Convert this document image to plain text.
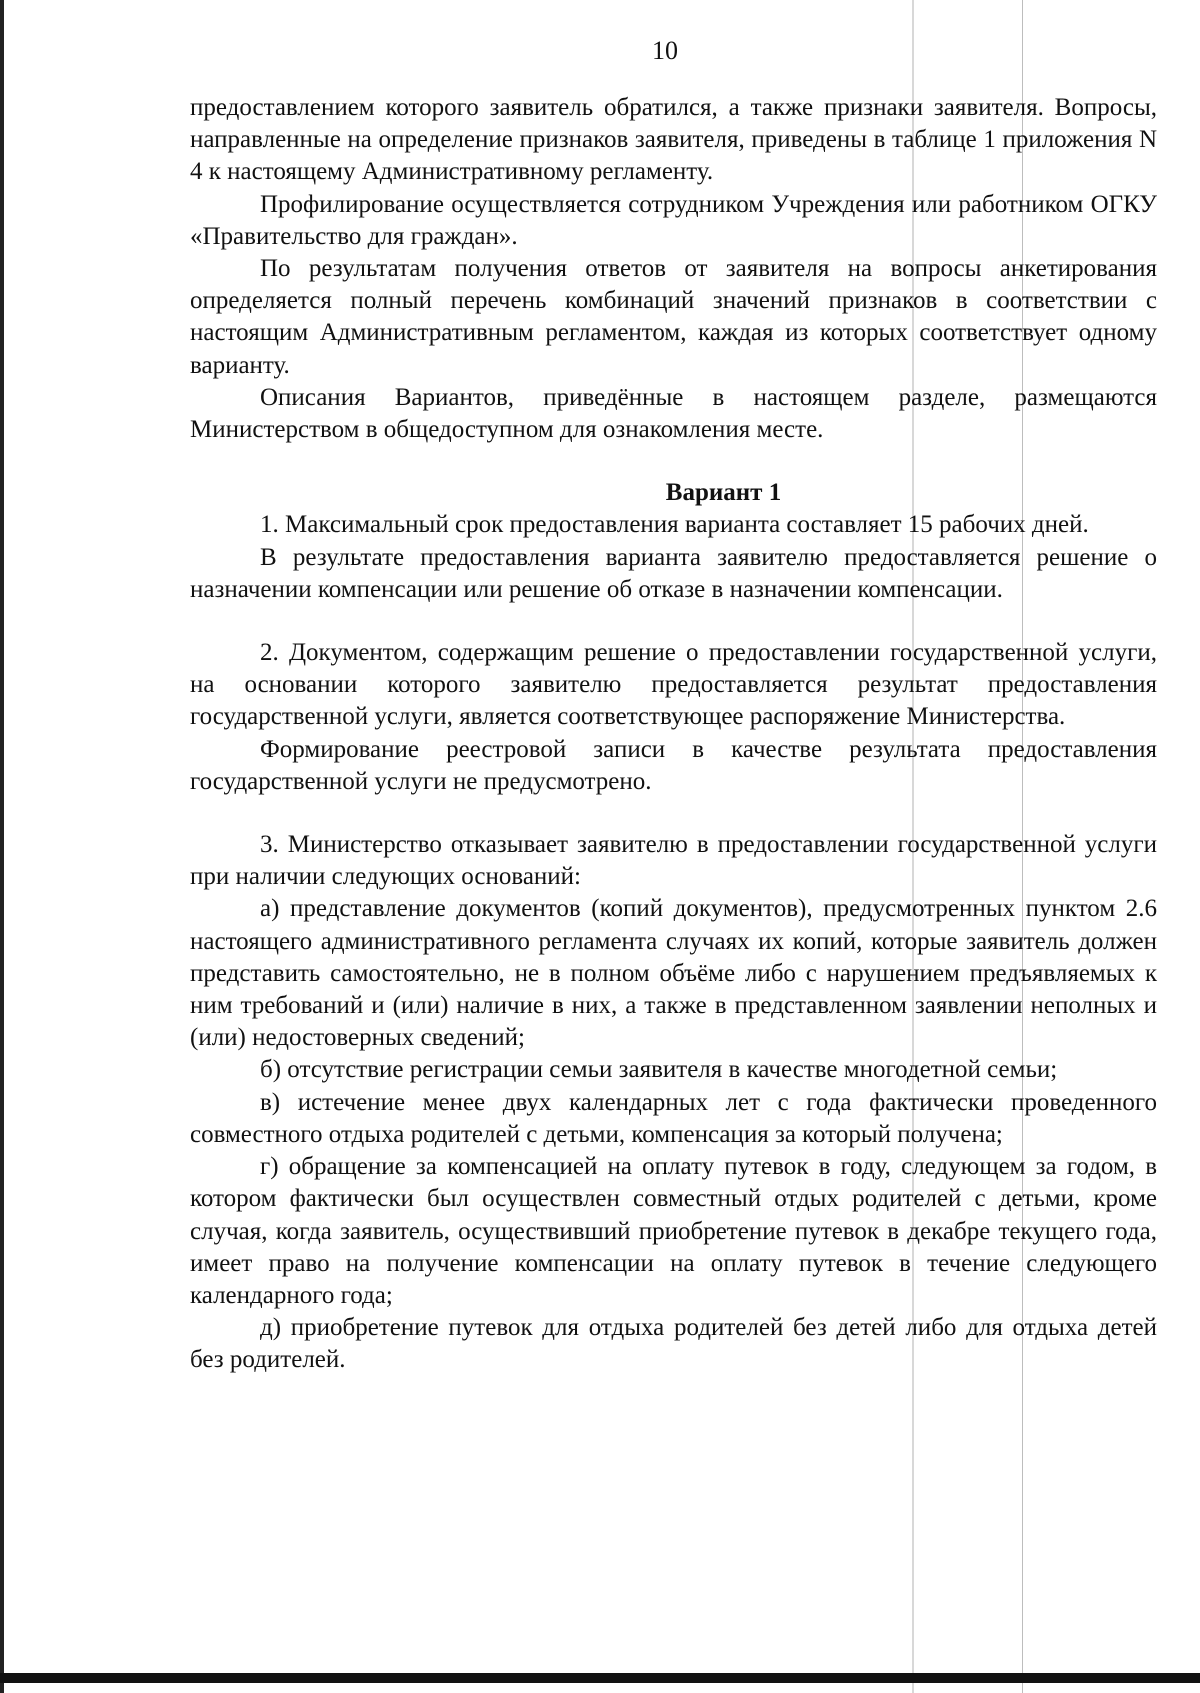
10

предоставлением которого заявитель обратился, а также признаки заявителя. Вопросы, направленные на определение признаков заявителя, приведены в таблице 1 приложения N 4 к настоящему Административному регламенту.

Профилирование осуществляется сотрудником Учреждения или работником ОГКУ «Правительство для граждан».

По результатам получения ответов от заявителя на вопросы анкетирования определяется полный перечень комбинаций значений признаков в соответствии с настоящим Административным регламентом, каждая из которых соответствует одному варианту.

Описания Вариантов, приведённые в настоящем разделе, размещаются Министерством в общедоступном для ознакомления месте.

Вариант 1

1. Максимальный срок предоставления варианта составляет 15 рабочих дней.

В результате предоставления варианта заявителю предоставляется решение о назначении компенсации или решение об отказе в назначении компенсации.

2. Документом, содержащим решение о предоставлении государственной услуги, на основании которого заявителю предоставляется результат предоставления государственной услуги, является соответствующее распоряжение Министерства.

Формирование реестровой записи в качестве результата предоставления государственной услуги не предусмотрено.

3. Министерство отказывает заявителю в предоставлении государственной услуги при наличии следующих оснований:

а) представление документов (копий документов), предусмотренных пунктом 2.6 настоящего административного регламента случаях их копий, которые заявитель должен представить самостоятельно, не в полном объёме либо с нарушением предъявляемых к ним требований и (или) наличие в них, а также в представленном заявлении неполных и (или) недостоверных сведений;

б) отсутствие регистрации семьи заявителя в качестве многодетной семьи;

в) истечение менее двух календарных лет с года фактически проведенного совместного отдыха родителей с детьми, компенсация за который получена;

г) обращение за компенсацией на оплату путевок в году, следующем за годом, в котором фактически был осуществлен совместный отдых родителей с детьми, кроме случая, когда заявитель, осуществивший приобретение путевок в декабре текущего года, имеет право на получение компенсации на оплату путевок в течение следующего календарного года;

д) приобретение путевок для отдыха родителей без детей либо для отдыха детей без родителей.
